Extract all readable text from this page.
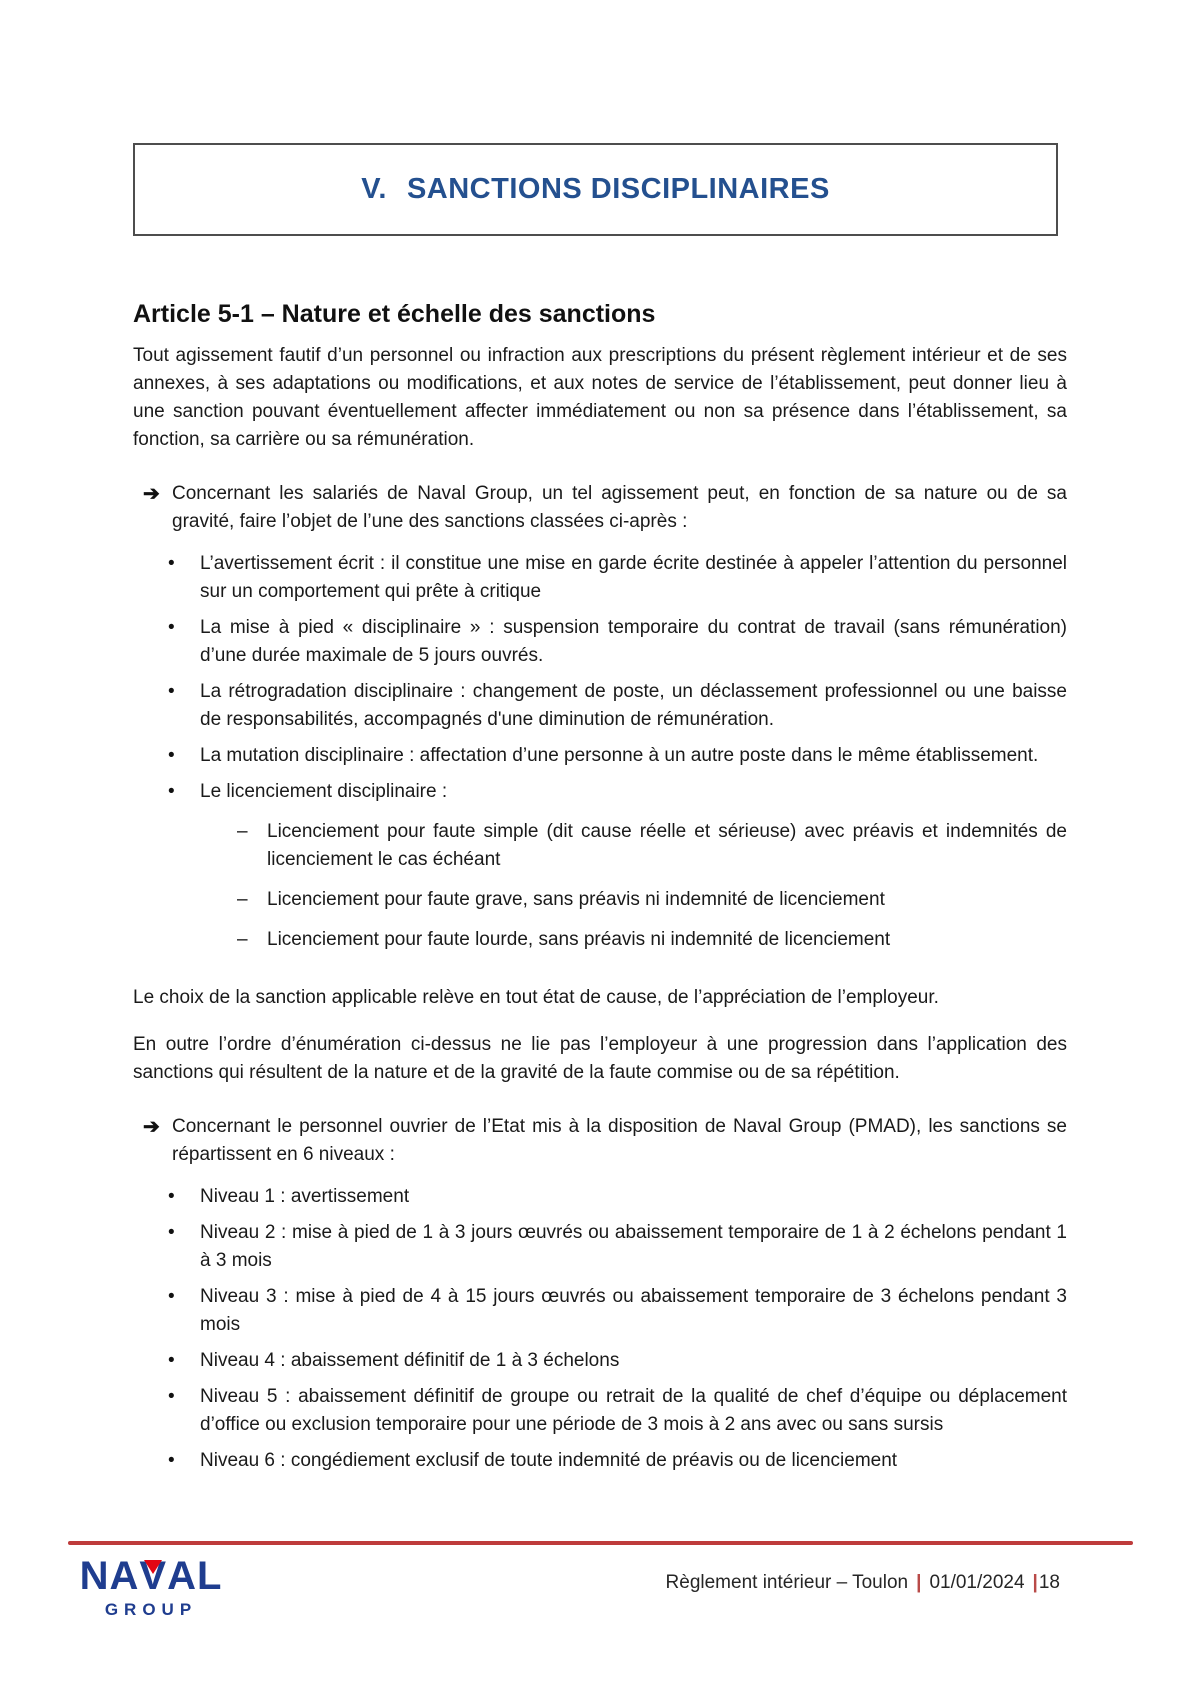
V. SANCTIONS DISCIPLINAIRES
Article 5-1 – Nature et échelle des sanctions

Tout agissement fautif d’un personnel ou infraction aux prescriptions du présent règlement intérieur et de ses annexes, à ses adaptations ou modifications, et aux notes de service de l’établissement, peut donner lieu à une sanction pouvant éventuellement affecter immédiatement ou non sa présence dans l’établissement, sa fonction, sa carrière ou sa rémunération.

➔ Concernant les salariés de Naval Group, un tel agissement peut, en fonction de sa nature ou de sa gravité, faire l’objet de l’une des sanctions classées ci-après :
•	L’avertissement écrit : il constitue une mise en garde écrite destinée à appeler l’attention du personnel sur un comportement qui prête à critique
•	La mise à pied « disciplinaire » : suspension temporaire du contrat de travail (sans rémunération) d’une durée maximale de 5 jours ouvrés.
•	La rétrogradation disciplinaire : changement de poste, un déclassement professionnel ou une baisse de responsabilités, accompagnés d'une diminution de rémunération.
•	La mutation disciplinaire : affectation d’une personne à un autre poste dans le même établissement.
•	Le licenciement disciplinaire :
–	Licenciement pour faute simple (dit cause réelle et sérieuse) avec préavis et indemnités de licenciement le cas échéant
–	Licenciement pour faute grave, sans préavis ni indemnité de licenciement
–	Licenciement pour faute lourde, sans préavis ni indemnité de licenciement

Le choix de la sanction applicable relève en tout état de cause, de l’appréciation de l’employeur.

En outre l’ordre d’énumération ci-dessus ne lie pas l’employeur à une progression dans l’application des sanctions qui résultent de la nature et de la gravité de la faute commise ou de sa répétition.

➔ Concernant le personnel ouvrier de l’Etat mis à la disposition de Naval Group (PMAD), les sanctions se répartissent en 6 niveaux :
•	Niveau 1 : avertissement
•	Niveau 2 : mise à pied de 1 à 3 jours œuvrés ou abaissement temporaire de 1 à 2 échelons pendant 1 à 3 mois
•	Niveau 3 : mise à pied de 4 à 15 jours œuvrés ou abaissement temporaire de 3 échelons pendant 3 mois
•	Niveau 4 : abaissement définitif de 1 à 3 échelons
•	Niveau 5 : abaissement définitif de groupe ou retrait de la qualité de chef d’équipe ou déplacement d’office ou exclusion temporaire pour une période de 3 mois à 2 ans avec ou sans sursis
•	Niveau 6 : congédiement exclusif de toute indemnité de préavis ou de licenciement
NAV
AL
GROUP
Règlement intérieur – Toulon | 01/01/2024 |18
